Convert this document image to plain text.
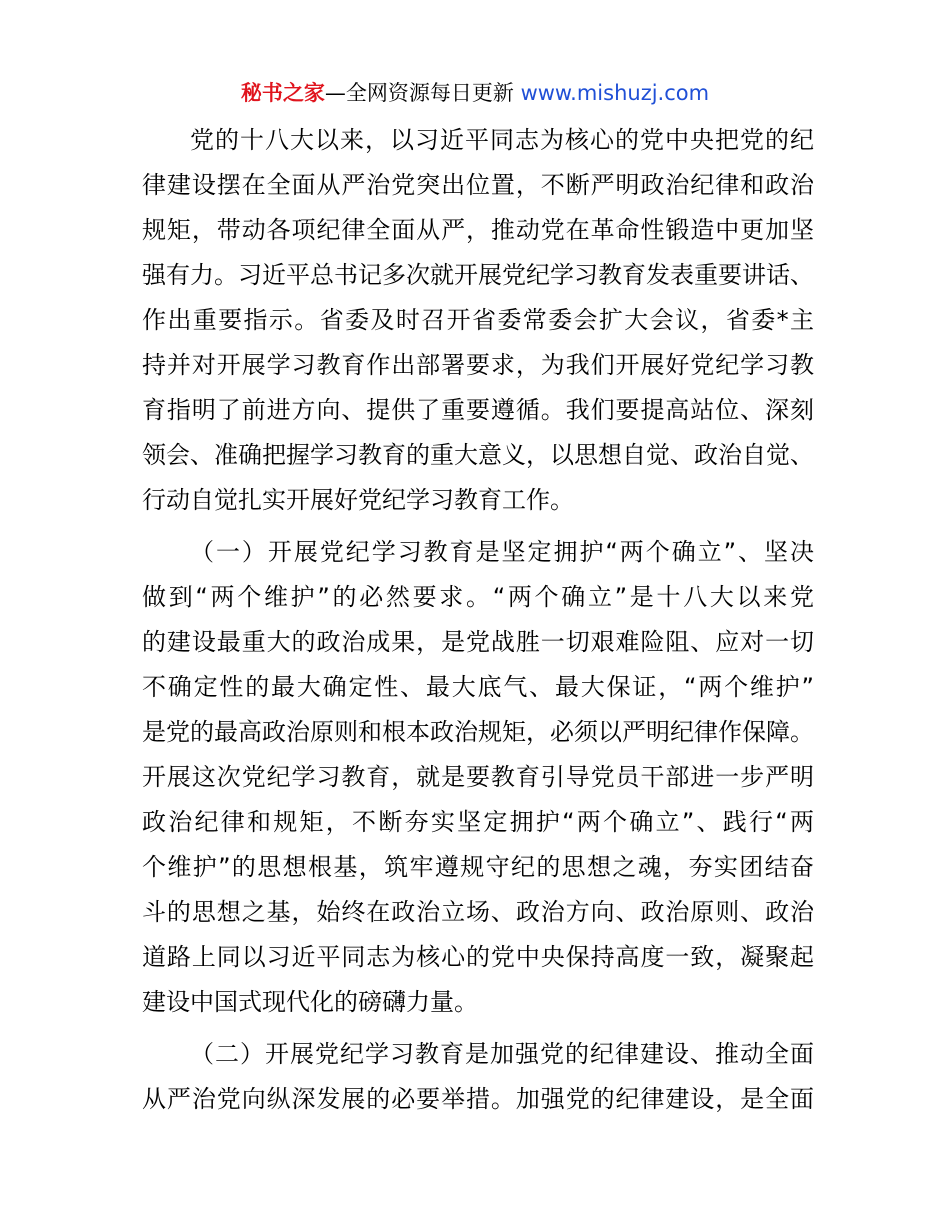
秘书之家—全网资源每日更新 www.mishuzj.com
党的十八大以来，以习近平同志为核心的党中央把党的纪
律建设摆在全面从严治党突出位置，不断严明政治纪律和政治
规矩，带动各项纪律全面从严，推动党在革命性锻造中更加坚
强有力。习近平总书记多次就开展党纪学习教育发表重要讲话、
作出重要指示。省委及时召开省委常委会扩大会议，省委*主
持并对开展学习教育作出部署要求，为我们开展好党纪学习教
育指明了前进方向、提供了重要遵循。我们要提高站位、深刻
领会、准确把握学习教育的重大意义，以思想自觉、政治自觉、
行动自觉扎实开展好党纪学习教育工作。
（一）开展党纪学习教育是坚定拥护“两个确立”、坚决
做到“两个维护”的必然要求。“两个确立”是十八大以来党
的建设最重大的政治成果，是党战胜一切艰难险阻、应对一切
不确定性的最大确定性、最大底气、最大保证，“两个维护”
是党的最高政治原则和根本政治规矩，必须以严明纪律作保障。
开展这次党纪学习教育，就是要教育引导党员干部进一步严明
政治纪律和规矩，不断夯实坚定拥护“两个确立”、践行“两
个维护”的思想根基，筑牢遵规守纪的思想之魂，夯实团结奋
斗的思想之基，始终在政治立场、政治方向、政治原则、政治
道路上同以习近平同志为核心的党中央保持高度一致，凝聚起
建设中国式现代化的磅礴力量。
（二）开展党纪学习教育是加强党的纪律建设、推动全面
从严治党向纵深发展的必要举措。加强党的纪律建设，是全面
